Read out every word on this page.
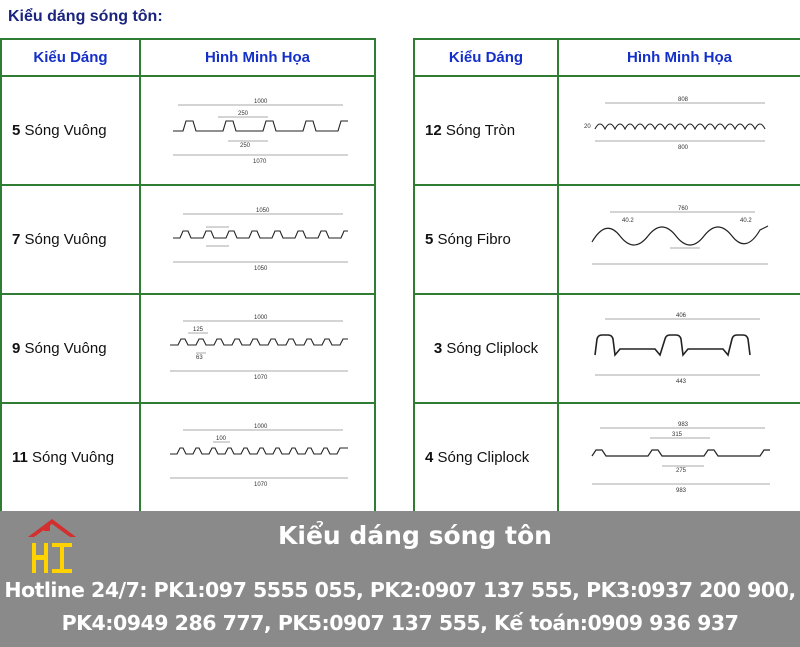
Kiểu dáng sóng tôn:
Kiểu Dáng	Hình Minh Họa
5 Sóng Vuông	1000
250
250
1070

7 Sóng Vuông	1050
1050

9 Sóng Vuông	1000
125
63
1070

11 Sóng Vuông	1000
100
1070
Kiểu Dáng	Hình Minh Họa
12 Sóng Tròn	808
20
800

5 Sóng Fibro	760
40.2 40.2

3 Sóng Cliplock	406
443

4 Sóng Cliplock	983
315
275
983
Kiểu dáng sóng tôn
Hotline 24/7: PK1:097 5555 055, PK2:0907 137 555, PK3:0937 200 900,
PK4:0949 286 777, PK5:0907 137 555, Kế toán:0909 936 937
